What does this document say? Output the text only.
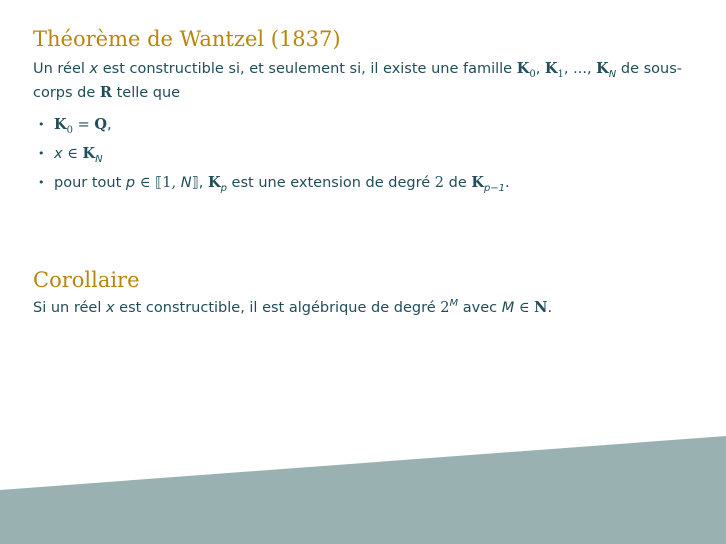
Théorème de Wantzel (1837)

Un réel x est constructible si, et seulement si, il existe une famille $K_0$, $K_1$, ..., $K_N$ de sous-corps de R telle que

• $K_0 = Q$,
• x ∈ $K_N$
• pour tout p ∈ ⟦1, N⟧, $K_p$ est une extension de degré 2 de $K_{p-1}$.
Corollaire

Si un réel x est constructible, il est algébrique de degré $2^M$ avec M ∈ N.
